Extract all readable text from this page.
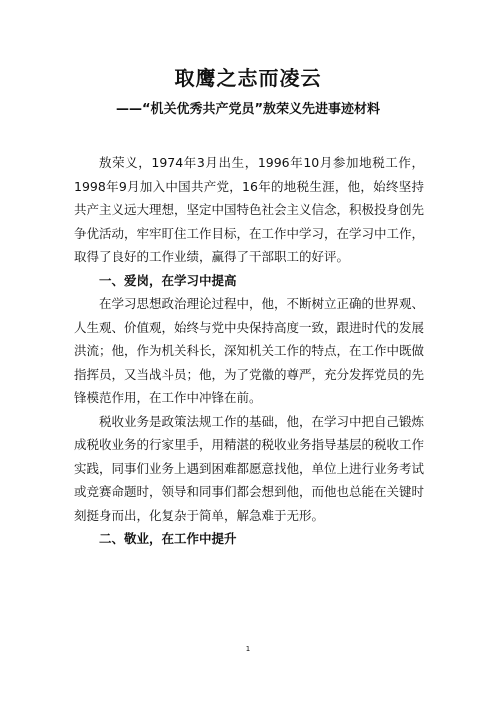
取鹰之志而凌云
——“机关优秀共产党员”敖荣义先进事迹材料

敖荣义，1974年3月出生，1996年10月参加地税工作，1998年9月加入中国共产党，16年的地税生涯，他，始终坚持共产主义远大理想，坚定中国特色社会主义信念，积极投身创先争优活动，牢牢盯住工作目标，在工作中学习，在学习中工作，取得了良好的工作业绩，赢得了干部职工的好评。

一、爱岗，在学习中提高

在学习思想政治理论过程中，他，不断树立正确的世界观、人生观、价值观，始终与党中央保持高度一致，跟进时代的发展洪流；他，作为机关科长，深知机关工作的特点，在工作中既做指挥员，又当战斗员；他，为了党徽的尊严，充分发挥党员的先锋模范作用，在工作中冲锋在前。

税收业务是政策法规工作的基础，他，在学习中把自己锻炼成税收业务的行家里手，用精湛的税收业务指导基层的税收工作实践，同事们业务上遇到困难都愿意找他，单位上进行业务考试或竞赛命题时，领导和同事们都会想到他，而他也总能在关键时刻挺身而出，化复杂于简单，解急难于无形。

二、敬业，在工作中提升
1
